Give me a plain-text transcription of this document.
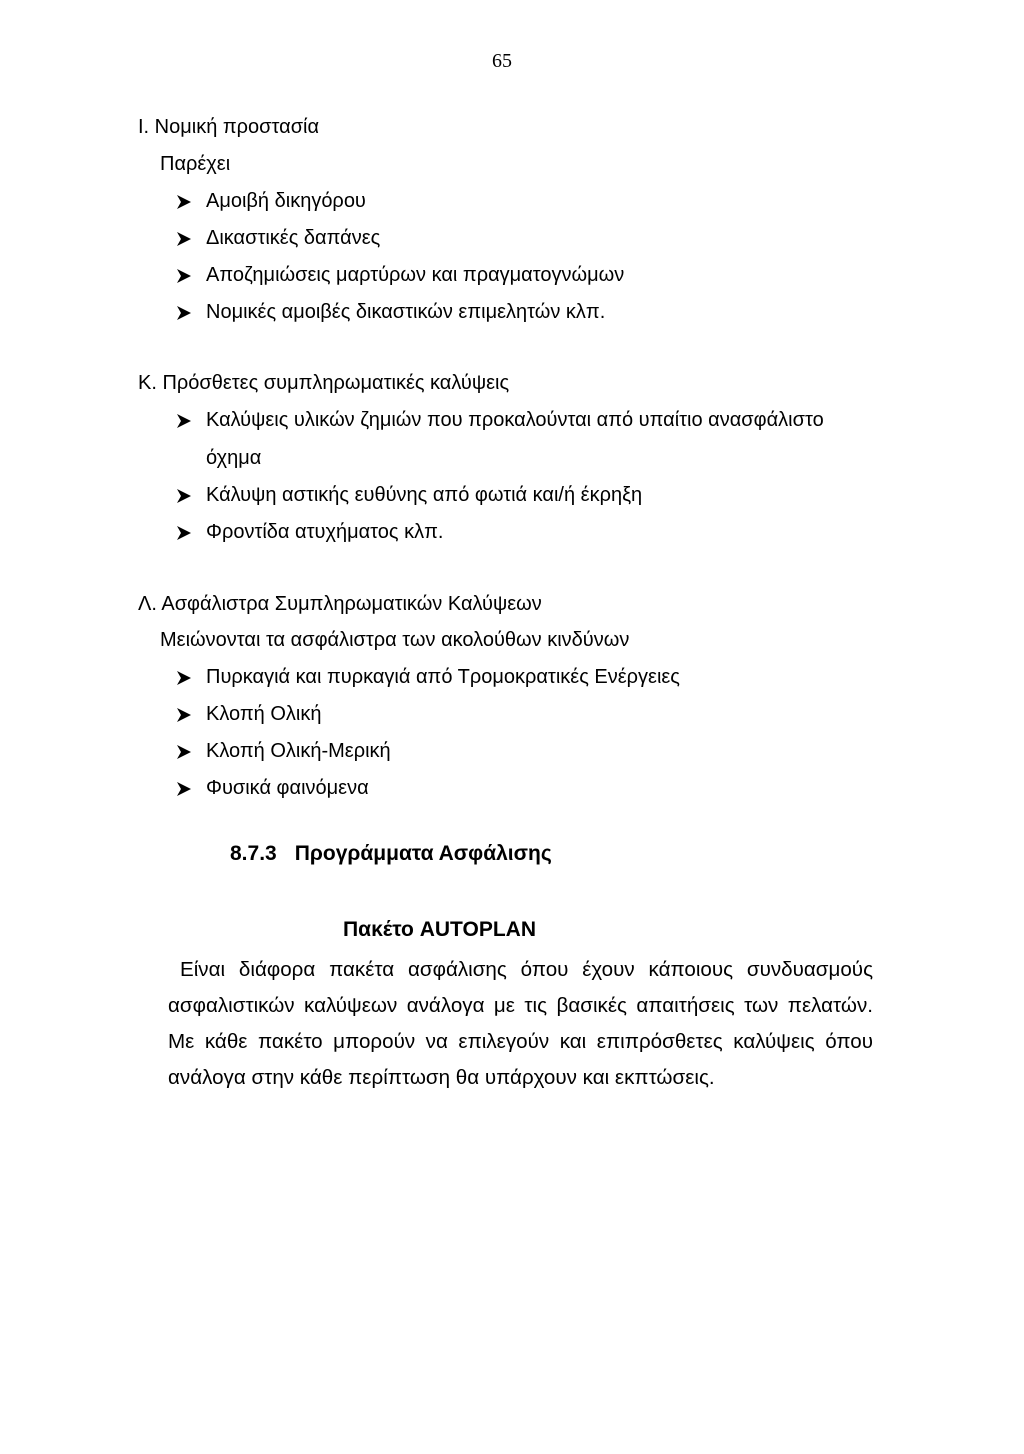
65
Ι. Νομική προστασία
Παρέχει
Αμοιβή δικηγόρου
Δικαστικές δαπάνες
Αποζημιώσεις μαρτύρων και πραγματογνώμων
Νομικές αμοιβές δικαστικών επιμελητών κλπ.
Κ. Πρόσθετες συμπληρωματικές καλύψεις
Καλύψεις υλικών ζημιών που προκαλούνται από υπαίτιο ανασφάλιστο
όχημα
Κάλυψη αστικής ευθύνης από φωτιά και/ή έκρηξη
Φροντίδα ατυχήματος κλπ.
Λ. Ασφάλιστρα Συμπληρωματικών Καλύψεων
Μειώνονται τα ασφάλιστρα των ακολούθων κινδύνων
Πυρκαγιά και πυρκαγιά από Τρομοκρατικές Ενέργειες
Κλοπή Ολική
Κλοπή Ολική-Μερική
Φυσικά φαινόμενα
8.7.3 Προγράμματα Ασφάλισης
Πακέτο AUTOPLAN
Είναι διάφορα πακέτα ασφάλισης όπου έχουν κάποιους συνδυασμούς
ασφαλιστικών καλύψεων ανάλογα με τις βασικές απαιτήσεις των πελατών.
Με κάθε πακέτο μπορούν να επιλεγούν και επιπρόσθετες καλύψεις όπου
ανάλογα στην κάθε περίπτωση θα υπάρχουν και εκπτώσεις.
